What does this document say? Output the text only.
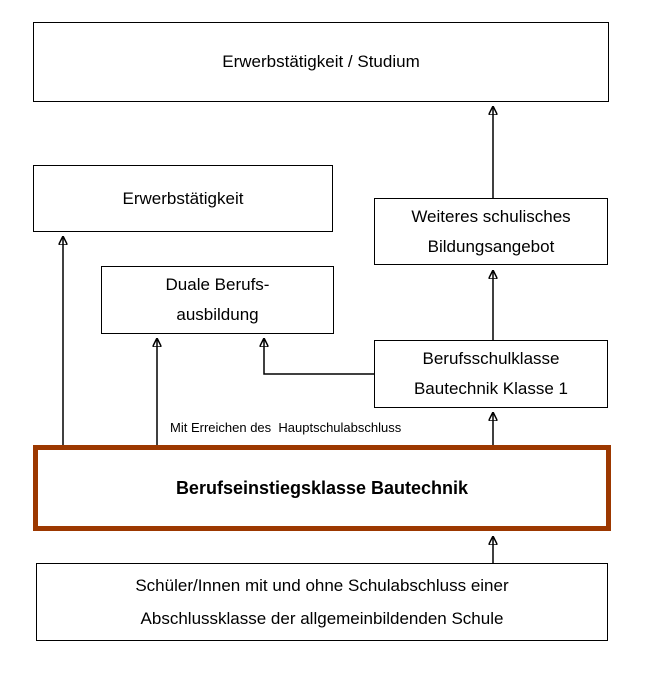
Erwerbstätigkeit / Studium
Erwerbstätigkeit
Duale Berufs-
ausbildung
Weiteres schulisches
Bildungsangebot
Berufsschulklasse
Bautechnik Klasse 1
Mit Erreichen des  Hauptschulabschluss
Berufseinstiegsklasse Bautechnik
Schüler/Innen mit und ohne Schulabschluss einer
Abschlussklasse der allgemeinbildenden Schule
